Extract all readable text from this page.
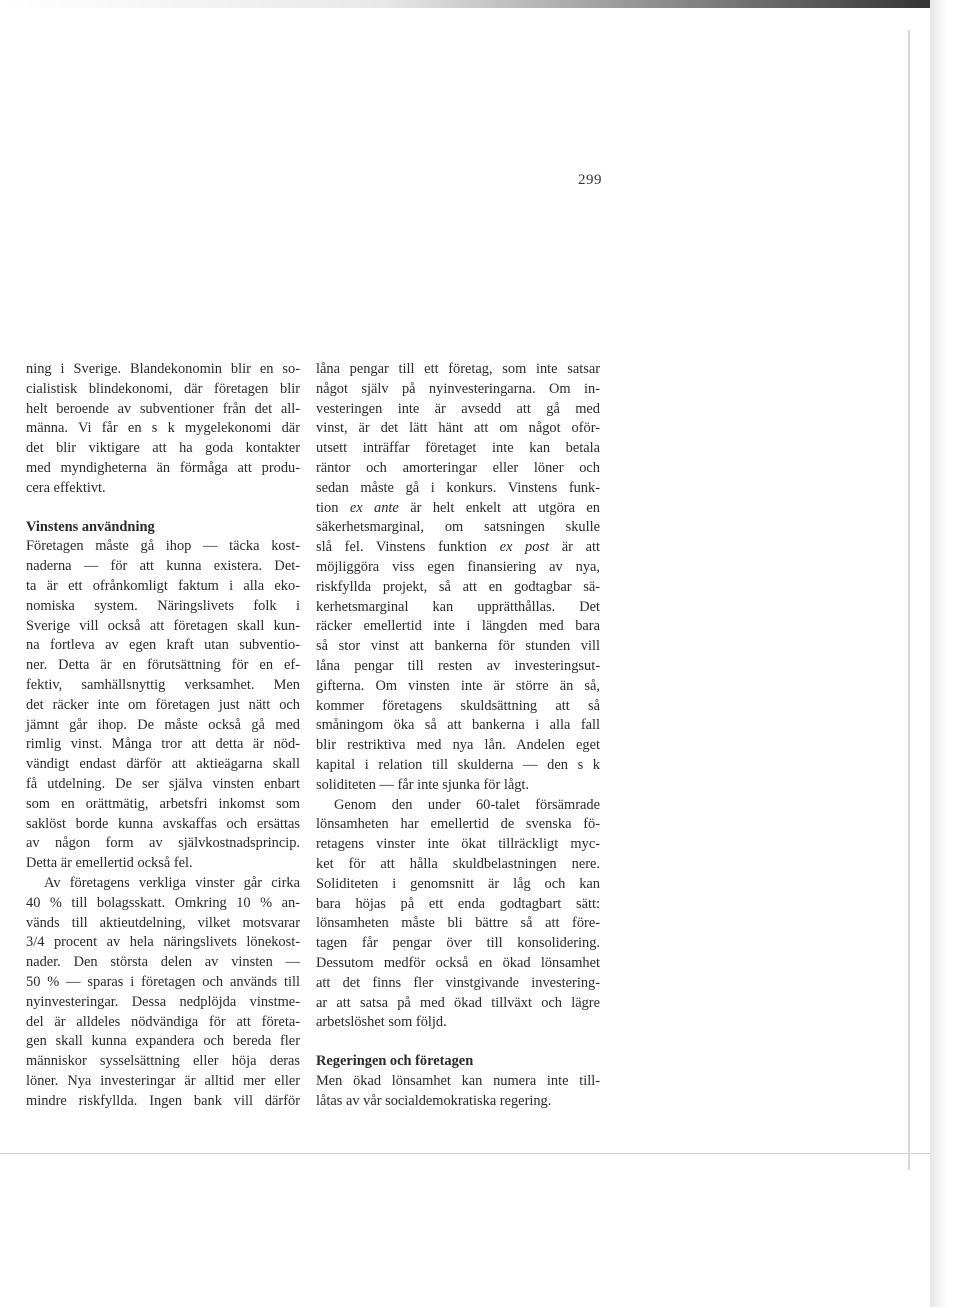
299
ning i Sverige. Blandekonomin blir en so-
cialistisk blindekonomi, där företagen blir
helt beroende av subventioner från det all-
männa. Vi får en s k mygelekonomi där
det blir viktigare att ha goda kontakter
med myndigheterna än förmåga att produ-
cera effektivt.
Vinstens användning
Företagen måste gå ihop — täcka kost-
naderna — för att kunna existera. Det-
ta är ett ofrånkomligt faktum i alla eko-
nomiska system. Näringslivets folk i
Sverige vill också att företagen skall kun-
na fortleva av egen kraft utan subventio-
ner. Detta är en förutsättning för en ef-
fektiv, samhällsnyttig verksamhet. Men
det räcker inte om företagen just nätt och
jämnt går ihop. De måste också gå med
rimlig vinst. Många tror att detta är nöd-
vändigt endast därför att aktieägarna skall
få utdelning. De ser själva vinsten enbart
som en orättmätig, arbetsfri inkomst som
saklöst borde kunna avskaffas och ersättas
av någon form av självkostnadsprincip.
Detta är emellertid också fel.
Av företagens verkliga vinster går cirka
40 % till bolagsskatt. Omkring 10 % an-
vänds till aktieutdelning, vilket motsvarar
3/4 procent av hela näringslivets lönekost-
nader. Den största delen av vinsten —
50 % — sparas i företagen och används till
nyinvesteringar. Dessa nedplöjda vinstme-
del är alldeles nödvändiga för att företa-
gen skall kunna expandera och bereda fler
människor sysselsättning eller höja deras
löner. Nya investeringar är alltid mer eller
mindre riskfyllda. Ingen bank vill därför
låna pengar till ett företag, som inte satsar
något själv på nyinvesteringarna. Om in-
vesteringen inte är avsedd att gå med
vinst, är det lätt hänt att om något oför-
utsett inträffar företaget inte kan betala
räntor och amorteringar eller löner och
sedan måste gå i konkurs. Vinstens funk-
tion ex ante är helt enkelt att utgöra en
säkerhetsmarginal, om satsningen skulle
slå fel. Vinstens funktion ex post är att
möjliggöra viss egen finansiering av nya,
riskfyllda projekt, så att en godtagbar sä-
kerhetsmarginal kan upprätthållas. Det
räcker emellertid inte i längden med bara
så stor vinst att bankerna för stunden vill
låna pengar till resten av investeringsut-
gifterna. Om vinsten inte är större än så,
kommer företagens skuldsättning att så
småningom öka så att bankerna i alla fall
blir restriktiva med nya lån. Andelen eget
kapital i relation till skulderna — den s k
soliditeten — får inte sjunka för lågt.
Genom den under 60-talet försämrade
lönsamheten har emellertid de svenska fö-
retagens vinster inte ökat tillräckligt myc-
ket för att hålla skuldbelastningen nere.
Soliditeten i genomsnitt är låg och kan
bara höjas på ett enda godtagbart sätt:
lönsamheten måste bli bättre så att före-
tagen får pengar över till konsolidering.
Dessutom medför också en ökad lönsamhet
att det finns fler vinstgivande investering-
ar att satsa på med ökad tillväxt och lägre
arbetslöshet som följd.
Regeringen och företagen
Men ökad lönsamhet kan numera inte till-
låtas av vår socialdemokratiska regering.
